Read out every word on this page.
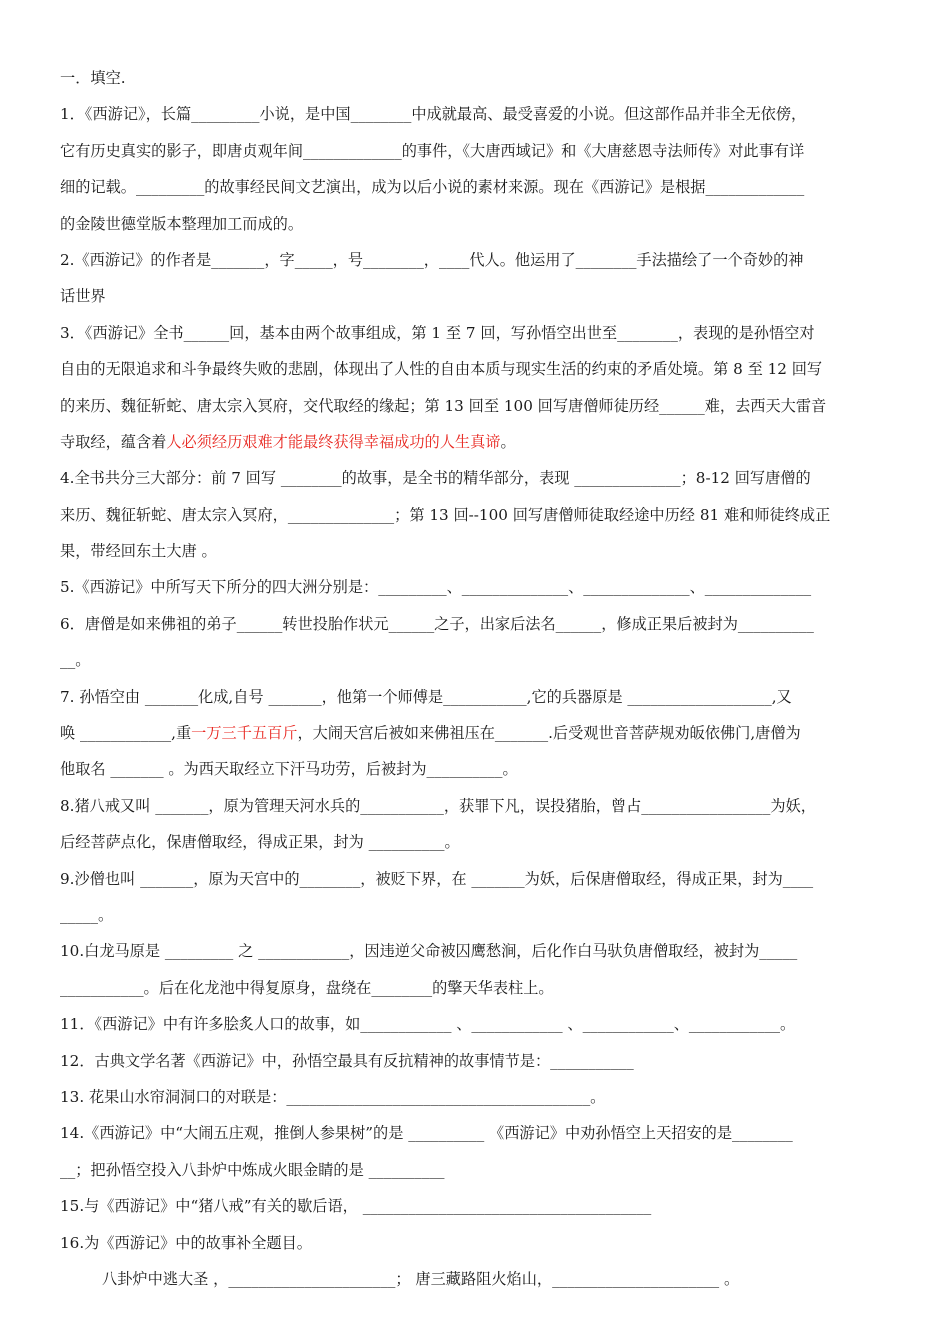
一．填空.
1．《西游记》，长篇_________小说，是中国________中成就最高、最受喜爱的小说。但这部作品并非全无依傍，
它有历史真实的影子，即唐贞观年间_____________的事件，《大唐西域记》和《大唐慈恩寺法师传》对此事有详
细的记载。_________的故事经民间文艺演出，成为以后小说的素材来源。现在《西游记》是根据_____________
的金陵世德堂版本整理加工而成的。
2.《西游记》的作者是_______，字_____，号________，____代人。他运用了________手法描绘了一个奇妙的神
话世界
3．《西游记》全书______回，基本由两个故事组成，第 1 至 7 回，写孙悟空出世至________，表现的是孙悟空对
自由的无限追求和斗争最终失败的悲剧，体现出了人性的自由本质与现实生活的约束的矛盾处境。第 8 至 12 回写
的来历、魏征斩蛇、唐太宗入冥府，交代取经的缘起；第 13 回至 100 回写唐僧师徒历经______难，去西天大雷音
寺取经，蕴含着人必须经历艰难才能最终获得幸福成功的人生真谛。
4.全书共分三大部分：前 7 回写 ________的故事，是全书的精华部分，表现 ______________；8-12 回写唐僧的
来历、魏征斩蛇、唐太宗入冥府，______________；第 13 回--100 回写唐僧师徒取经途中历经 81 难和师徒终成正
果，带经回东土大唐 。
5.《西游记》中所写天下所分的四大洲分别是：_________、______________、______________、______________
6．唐僧是如来佛祖的弟子______转世投胎作状元______之子，出家后法名______，修成正果后被封为__________
__。
7. 孙悟空由 _______化成,自号 _______，他第一个师傅是___________,它的兵器原是 ___________________,又
唤 ____________,重一万三千五百斤，大闹天宫后被如来佛祖压在_______.后受观世音菩萨规劝皈依佛门,唐僧为
他取名 _______ 。为西天取经立下汗马功劳，后被封为__________。
8.猪八戒又叫 _______，原为管理天河水兵的___________，获罪下凡，误投猪胎，曾占_________________为妖，
后经菩萨点化，保唐僧取经，得成正果，封为 __________。
9.沙僧也叫 _______，原为天宫中的________，被贬下界，在 _______为妖，后保唐僧取经，得成正果，封为____
_____。
10.白龙马原是 _________ 之 ____________，因违逆父命被囚鹰愁涧，后化作白马驮负唐僧取经，被封为_____
___________。后在化龙池中得复原身，盘绕在________的擎天华表柱上。
11．《西游记》中有许多脍炙人口的故事，如____________ 、____________ 、____________、____________。
12．古典文学名著《西游记》中，孙悟空最具有反抗精神的故事情节是：___________
13. 花果山水帘洞洞口的对联是：________________________________________。
14.《西游记》中“大闹五庄观，推倒人参果树”的是 __________ 《西游记》中劝孙悟空上天招安的是________
__；把孙悟空投入八卦炉中炼成火眼金睛的是 __________
15.与《西游记》中“猪八戒”有关的歇后语， ______________________________________
16.为《西游记》中的故事补全题目。
八卦炉中逃大圣 ，______________________； 唐三藏路阻火焰山，______________________ 。
